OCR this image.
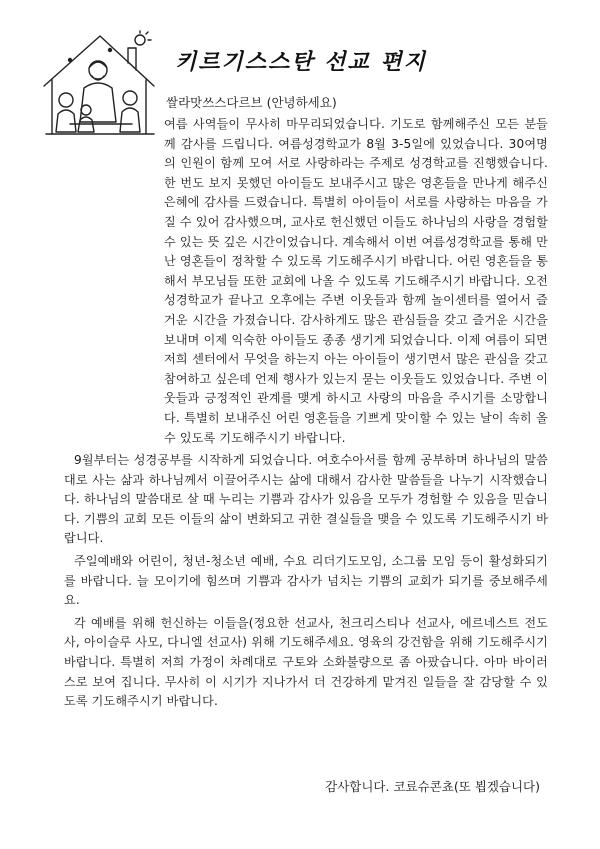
키르기스스탄 선교 편지
쌀라맛쓰스다르브 (안녕하세요)

여름 사역들이 무사히 마무리되었습니다. 기도로 함께해주신 모든 분들께 감사를 드립니다. 여름성경학교가 8월 3-5일에 있었습니다. 30여명의 인원이 함께 모여 서로 사랑하라는 주제로 성경학교를 진행했습니다. 한 번도 보지 못했던 아이들도 보내주시고 많은 영혼들을 만나게 해주신 은혜에 감사를 드렸습니다. 특별히 아이들이 서로를 사랑하는 마음을 가질 수 있어 감사했으며, 교사로 헌신했던 이들도 하나님의 사랑을 경험할 수 있는 뜻 깊은 시간이었습니다. 계속해서 이번 여름성경학교를 통해 만난 영혼들이 정착할 수 있도록 기도해주시기 바랍니다. 어린 영혼들을 통해서 부모님들 또한 교회에 나올 수 있도록 기도해주시기 바랍니다. 오전 성경학교가 끝나고 오후에는 주변 이웃들과 함께 놀이센터를 열어서 즐거운 시간을 가졌습니다. 감사하게도 많은 관심들을 갖고 즐거운 시간을 보내며 이제 익숙한 아이들도 종종 생기게 되었습니다. 이제 여름이 되면 저희 센터에서 무엇을 하는지 아는 아이들이 생기면서 많은 관심을 갖고 참여하고 싶은데 언제 행사가 있는지 묻는 이웃들도 있었습니다. 주변 이웃들과 긍정적인 관계를 맺게 하시고 사랑의 마음을 주시기를 소망합니다. 특별히 보내주신 어린 영혼들을 기쁘게 맞이할 수 있는 날이 속히 올 수 있도록 기도해주시기 바랍니다.

9월부터는 성경공부를 시작하게 되었습니다. 여호수아서를 함께 공부하며 하나님의 말씀대로 사는 삶과 하나님께서 이끌어주시는 삶에 대해서 감사한 말씀들을 나누기 시작했습니다. 하나님의 말씀대로 살 때 누리는 기쁨과 감사가 있음을 모두가 경험할 수 있음을 믿습니다. 기쁨의 교회 모든 이들의 삶이 변화되고 귀한 결실들을 맺을 수 있도록 기도해주시기 바랍니다.

주일예배와 어린이, 청년-청소년 예배, 수요 리더기도모임, 소그룹 모임 등이 활성화되기를 바랍니다. 늘 모이기에 힘쓰며 기쁨과 감사가 넘치는 기쁨의 교회가 되기를 중보해주세요.

각 예배를 위해 헌신하는 이들을(정요한 선교사, 천크리스티나 선교사, 에르네스트 전도사, 아이슬루 사모, 다니엘 선교사) 위해 기도해주세요. 영육의 강건함을 위해 기도해주시기 바랍니다. 특별히 저희 가정이 차례대로 구토와 소화불량으로 좀 아팠습니다. 아마 바이러스로 보여 집니다. 무사히 이 시기가 지나가서 더 건강하게 맡겨진 일들을 잘 감당할 수 있도록 기도해주시기 바랍니다.

감사합니다. 코료슈콘쵸(또 뵙겠습니다)
